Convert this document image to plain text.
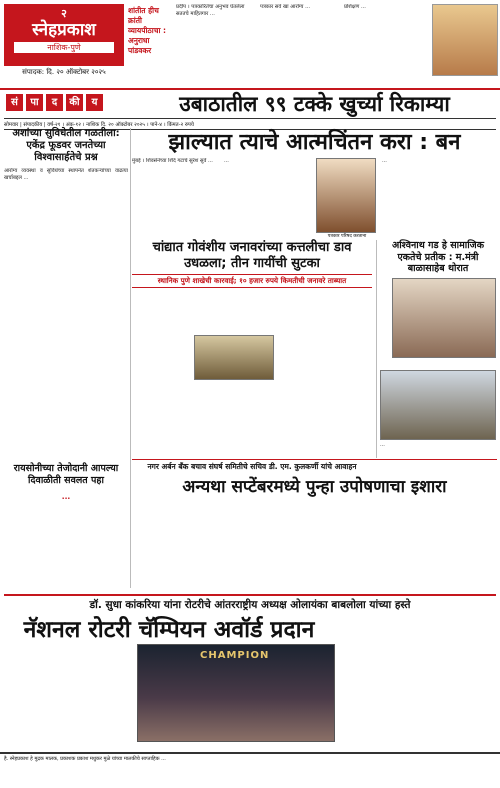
२
स्नेहप्रकाश
नाशिक-पुणे
संपादक: दि. २० ऑक्टोबर २०२५
शांतीत हीच क्रांती व्यायपीठाचा : अनुराधा पांडवकर
प्रदीप । पत्रकारितेचा अनुभव घेतलेला सततचे माहितगार ...
पत्रकार सर्व खा आरोग्य ...	प्रशिक्षण ...
सं	पा	द	की	य	उबाठातील ९९ टक्के खुर्च्या रिकाम्या
सोमवार | संपादकीय | वर्ष-२१ । अंक-१२ । नाशिक दि. २० ऑक्टोबर २०२५ । पाने-४ । किंमत-२ रुपये
अशांच्या सुविधेतील गळतीला: एकेंद्र फूडवर जनतेच्या विश्वासार्हतेचे प्रश्न
आरोग्य व्यवस्था व सुविधेच्या स्थापनेत शेतकऱ्यांच्या वाढत्या खर्चाबद्दल ...
झाल्यात त्याचे आत्मचिंतन करा : बन
मुंबई । शिवसेनेच्या शिंदे गटाचे सुरेश सुर्वे ...	...
पत्रकार परिषद करताना
...
चांद्यात गोवंशीय जनावरांच्या कत्तलीचा डाव उधळला; तीन गायींची सुटका
स्थानिक पुणे शाखेची कारवाई; १० हजार रुपये किमतीची जनावरे ताब्यात
अश्विनाथ गड हे सामाजिक एकतेचे प्रतीक : म.मंत्री बाळासाहेब थोरात
...
रायसोनीच्या तेजोदानी आपल्या दिवाळीती सवलत पहा
...
नगर अर्बन बँक बचाव संघर्ष समितीचे सचिव डी. एम. कुलकर्णी यांचे आवाहन
अन्यथा सप्टेंबरमध्ये पुन्हा उपोषणाचा इशारा
डॉ. सुधा कांकरिया यांना रोटरीचे आंतरराष्ट्रीय अध्यक्ष ओलायंका बाबलोला यांच्या हस्ते
नॅशनल रोटरी चॅम्पियन अवॉर्ड प्रदान
CHAMPION
है. स्नेहप्रकाश हे मुद्रक मालक, प्रकाशक प्रकाश मधुकर मुळे यांच्या मालकीचे साप्ताहिक ...
